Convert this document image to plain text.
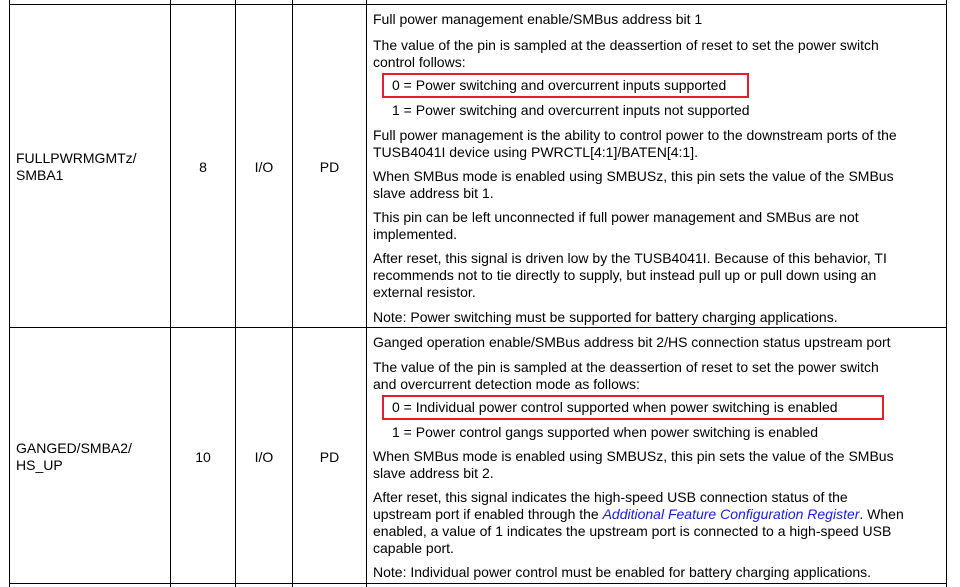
FULLPWRMGMTz/
SMBA1	8	I/O	PD
Full power management enable/SMBus address bit 1
The value of the pin is sampled at the deassertion of reset to set the power switch
control follows:
0 = Power switching and overcurrent inputs supported
1 = Power switching and overcurrent inputs not supported
Full power management is the ability to control power to the downstream ports of the
TUSB4041I device using PWRCTL[4:1]/BATEN[4:1].
When SMBus mode is enabled using SMBUSz, this pin sets the value of the SMBus
slave address bit 1.
This pin can be left unconnected if full power management and SMBus are not
implemented.
After reset, this signal is driven low by the TUSB4041I. Because of this behavior, TI
recommends not to tie directly to supply, but instead pull up or pull down using an
external resistor.
Note: Power switching must be supported for battery charging applications.
GANGED/SMBA2/
HS_UP	10	I/O	PD
Ganged operation enable/SMBus address bit 2/HS connection status upstream port
The value of the pin is sampled at the deassertion of reset to set the power switch
and overcurrent detection mode as follows:
0 = Individual power control supported when power switching is enabled
1 = Power control gangs supported when power switching is enabled
When SMBus mode is enabled using SMBUSz, this pin sets the value of the SMBus
slave address bit 2.
After reset, this signal indicates the high-speed USB connection status of the
upstream port if enabled through the Additional Feature Configuration Register. When
enabled, a value of 1 indicates the upstream port is connected to a high-speed USB
capable port.
Note: Individual power control must be enabled for battery charging applications.
